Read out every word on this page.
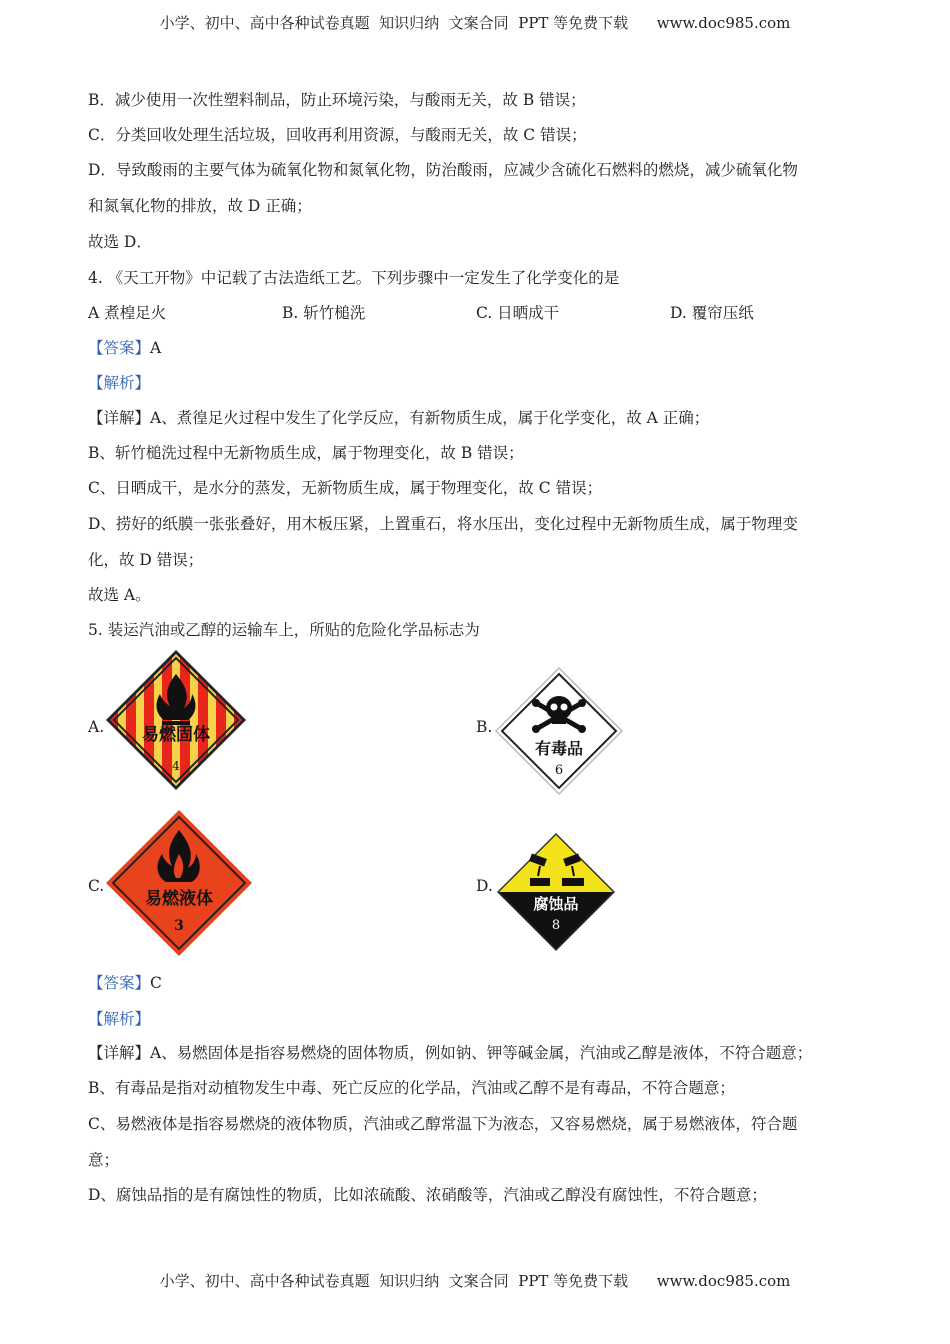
小学、初中、高中各种试卷真题  知识归纳  文案合同  PPT 等免费下载      www.doc985.com
B．减少使用一次性塑料制品，防止环境污染，与酸雨无关，故 B 错误；
C．分类回收处理生活垃圾，回收再利用资源，与酸雨无关，故 C 错误；
D．导致酸雨的主要气体为硫氧化物和氮氧化物，防治酸雨，应减少含硫化石燃料的燃烧，减少硫氧化物
和氮氧化物的排放，故 D 正确；
故选 D．
4. 《天工开物》中记载了古法造纸工艺。下列步骤中一定发生了化学变化的是
A 煮楻足火	B. 斩竹槌洗	C. 日晒成干	D. 覆帘压纸
【答案】A
【解析】
【详解】A、煮徨足火过程中发生了化学反应，有新物质生成，属于化学变化，故 A 正确；
B、斩竹槌洗过程中无新物质生成，属于物理变化，故 B 错误；
C、日晒成干，是水分的蒸发，无新物质生成，属于物理变化，故 C 错误；
D、捞好的纸膜一张张叠好，用木板压紧，上置重石，将水压出，变化过程中无新物质生成，属于物理变
化，故 D 错误；
故选 A。
5. 装运汽油或乙醇的运输车上，所贴的危险化学品标志为
A.	B.
C.	D.
易燃固体
4
有毒品
6
易燃液体
3
腐蚀品
8
【答案】C
【解析】
【详解】A、易燃固体是指容易燃烧的固体物质，例如钠、钾等碱金属，汽油或乙醇是液体，不符合题意；
B、有毒品是指对动植物发生中毒、死亡反应的化学品，汽油或乙醇不是有毒品，不符合题意；
C、易燃液体是指容易燃烧的液体物质，汽油或乙醇常温下为液态，又容易燃烧，属于易燃液体，符合题
意；
D、腐蚀品指的是有腐蚀性的物质，比如浓硫酸、浓硝酸等，汽油或乙醇没有腐蚀性，不符合题意；
小学、初中、高中各种试卷真题  知识归纳  文案合同  PPT 等免费下载      www.doc985.com
